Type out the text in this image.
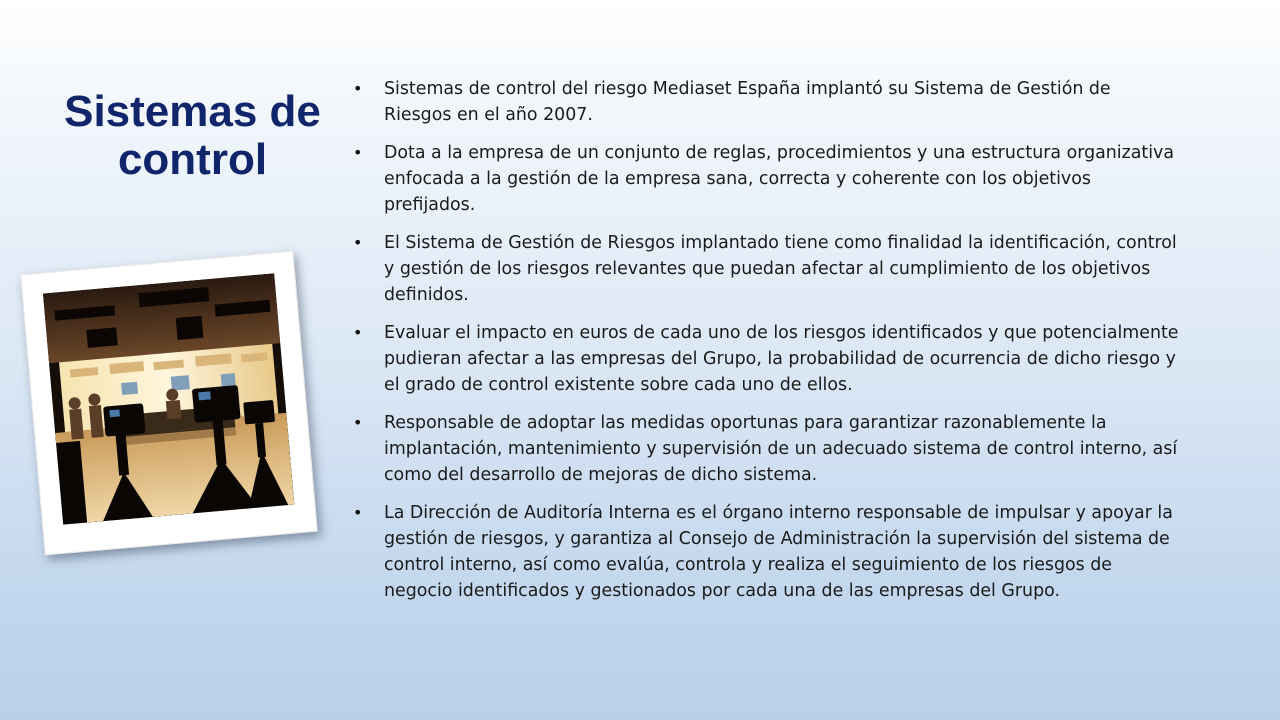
Sistemas de control
• Sistemas de control del riesgo Mediaset España implantó su Sistema de Gestión de Riesgos en el año 2007.
• Dota a la empresa de un conjunto de reglas, procedimientos y una estructura organizativa enfocada a la gestión de la empresa sana, correcta y coherente con los objetivos prefijados.
• El Sistema de Gestión de Riesgos implantado tiene como finalidad la identificación, control y gestión de los riesgos relevantes que puedan afectar al cumplimiento de los objetivos definidos.
• Evaluar el impacto en euros de cada uno de los riesgos identificados y que potencialmente pudieran afectar a las empresas del Grupo, la probabilidad de ocurrencia de dicho riesgo y el grado de control existente sobre cada uno de ellos.
• Responsable de adoptar las medidas oportunas para garantizar razonablemente la implantación, mantenimiento y supervisión de un adecuado sistema de control interno, así como del desarrollo de mejoras de dicho sistema.
• La Dirección de Auditoría Interna es el órgano interno responsable de impulsar y apoyar la gestión de riesgos, y garantiza al Consejo de Administración la supervisión del sistema de control interno, así como evalúa, controla y realiza el seguimiento de los riesgos de negocio identificados y gestionados por cada una de las empresas del Grupo.
